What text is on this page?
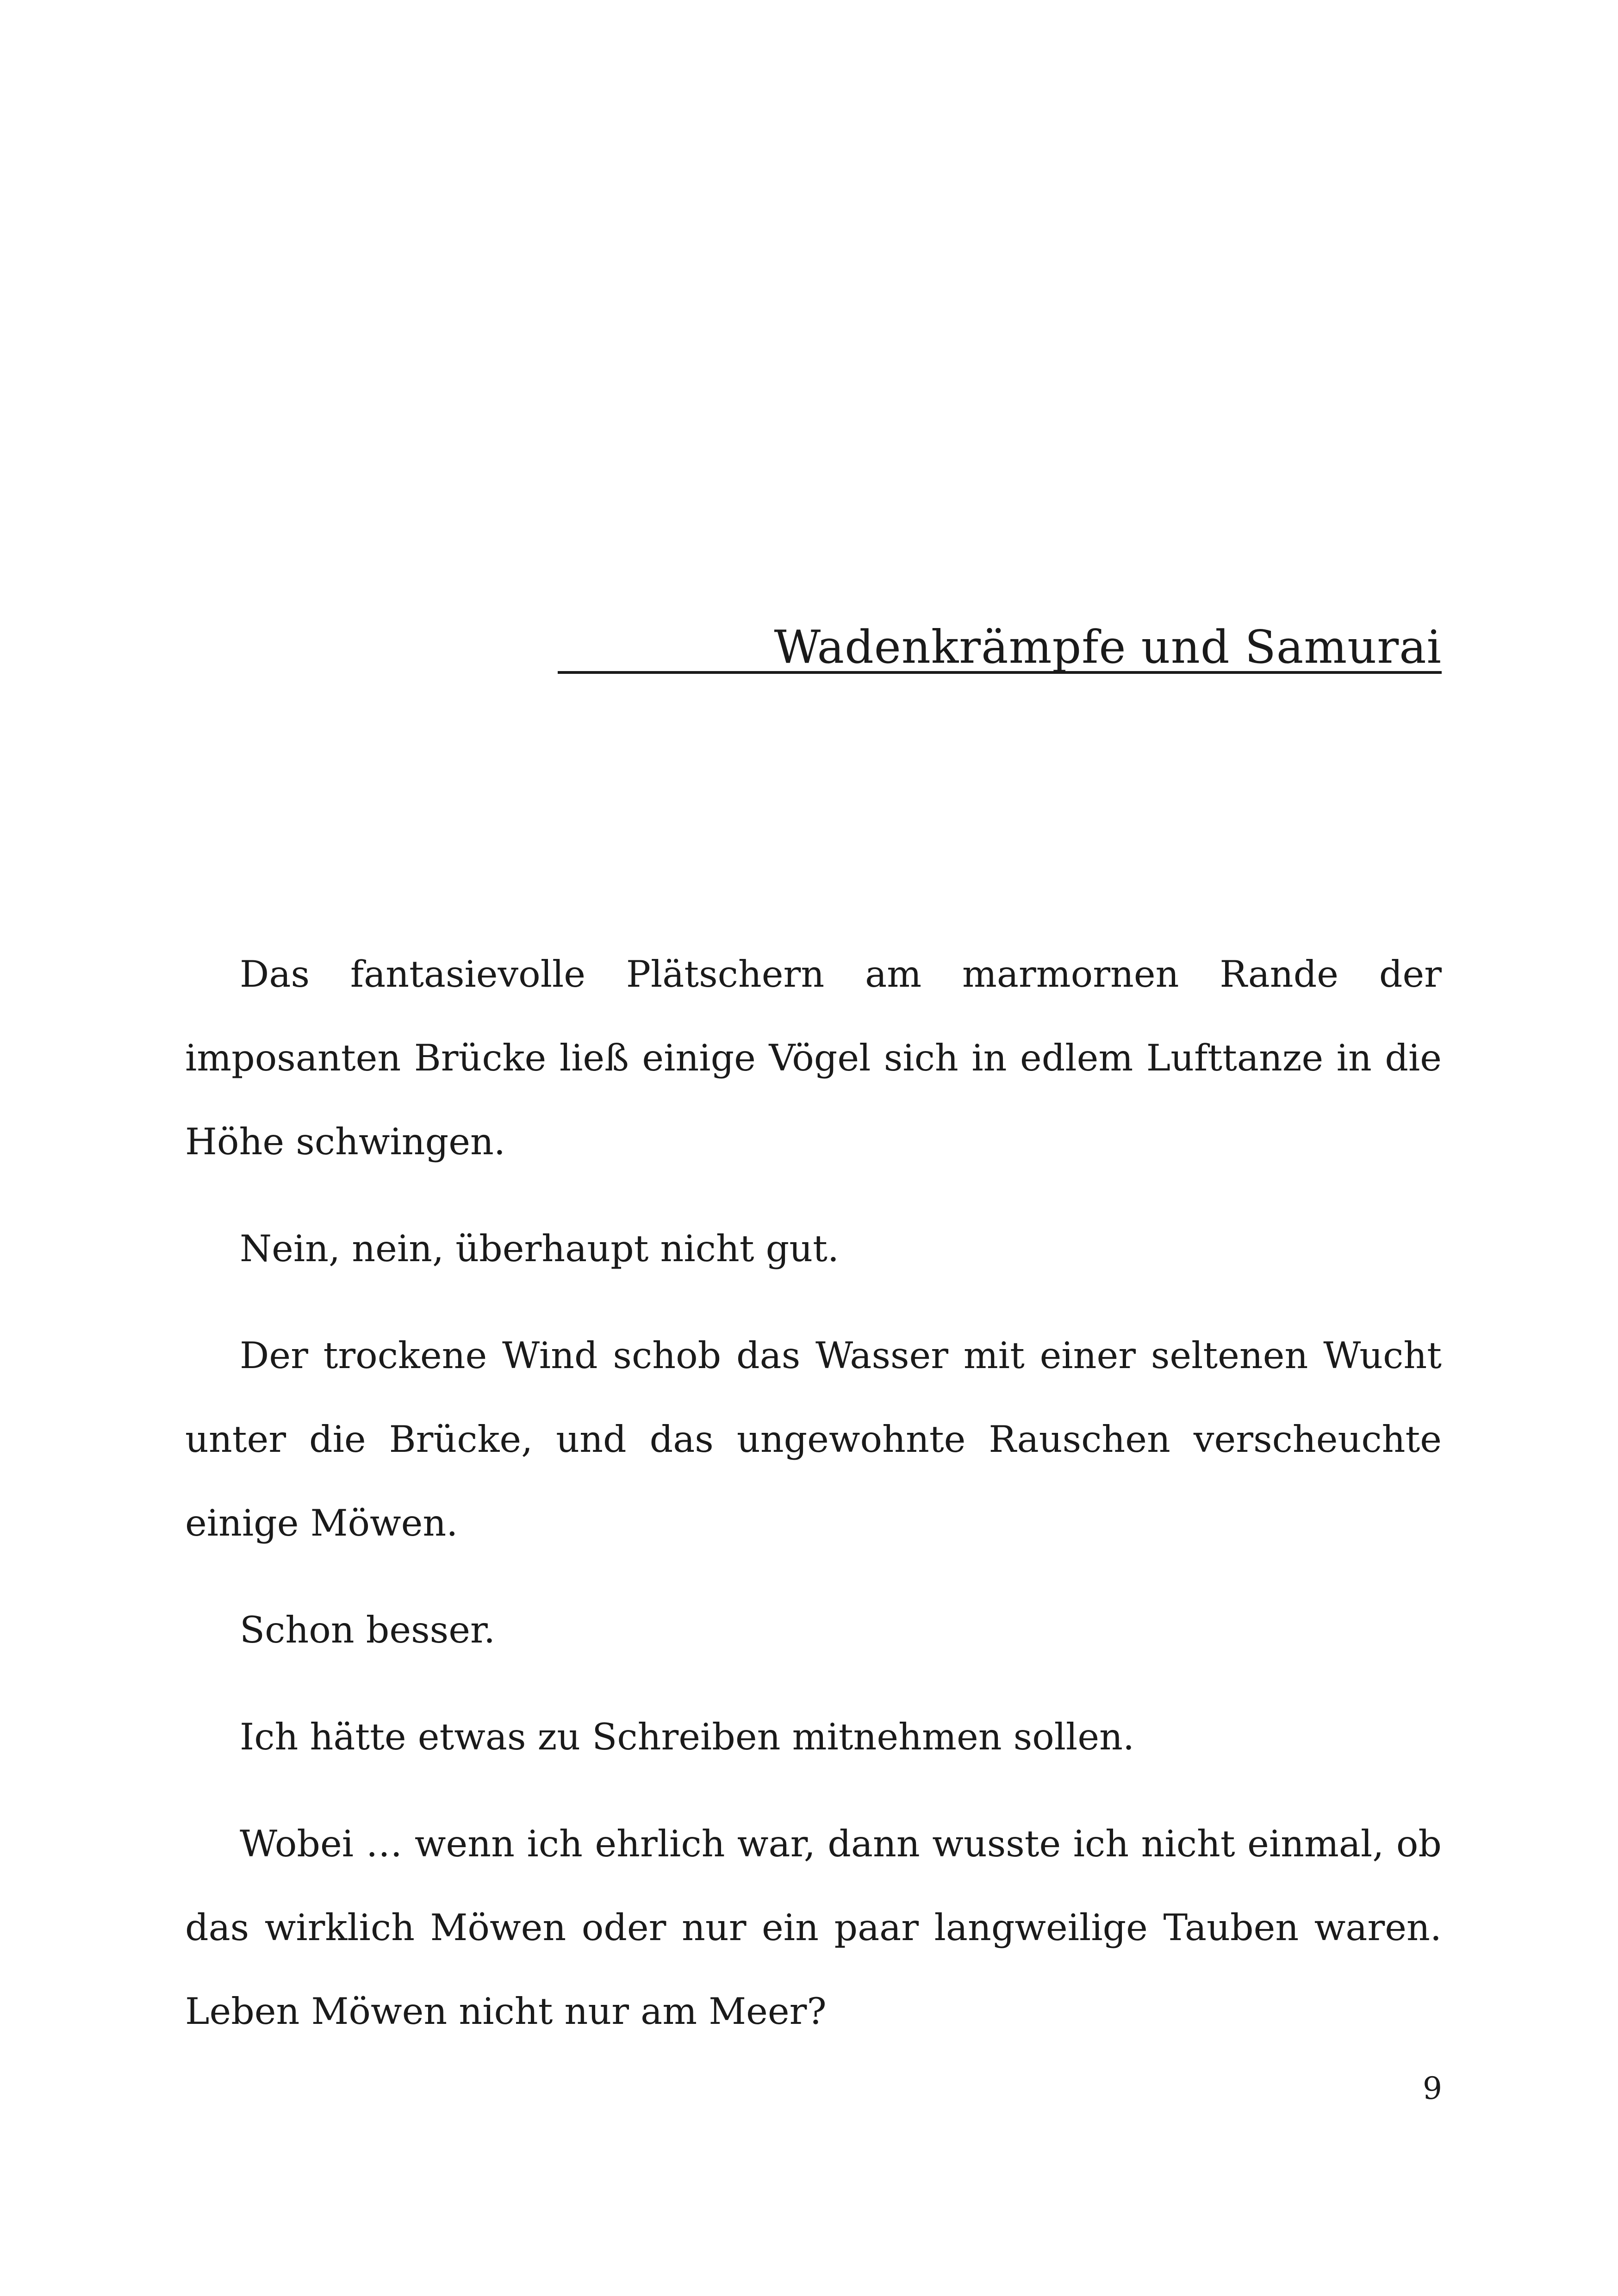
Wadenkrämpfe und Samurai

Das fantasievolle Plätschern am marmornen Rande der imposanten Brücke ließ einige Vögel sich in edlem Lufttanze in die Höhe schwingen.

Nein, nein, überhaupt nicht gut.

Der trockene Wind schob das Wasser mit einer seltenen Wucht unter die Brücke, und das ungewohnte Rauschen verscheuchte einige Möwen.

Schon besser.

Ich hätte etwas zu Schreiben mitnehmen sollen.

Wobei … wenn ich ehrlich war, dann wusste ich nicht einmal, ob das wirklich Möwen oder nur ein paar langweilige Tauben waren. Leben Möwen nicht nur am Meer?

9
